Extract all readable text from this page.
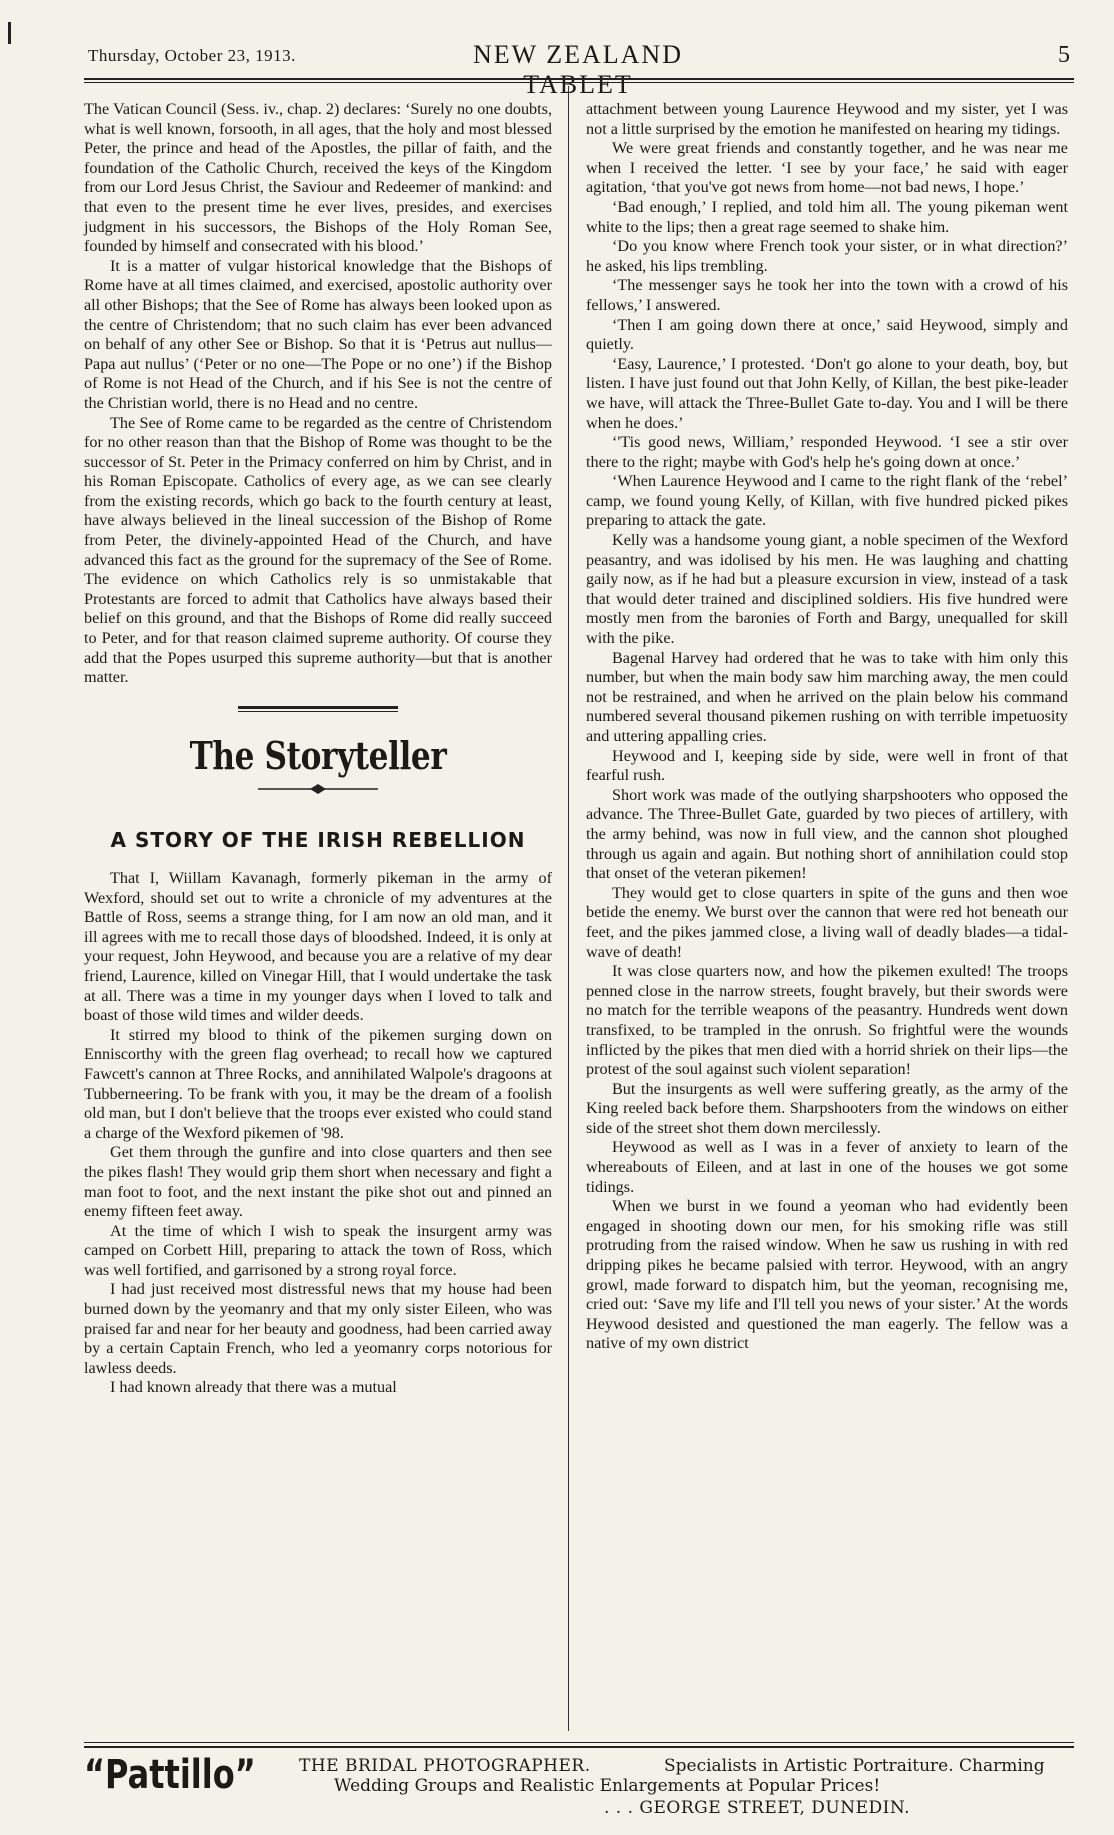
Thursday, October 23, 1913.	NEW ZEALAND TABLET
5

The Vatican Council (Sess. iv., chap. 2) declares: ‘Surely no one doubts, what is well known, forsooth, in all ages, that the holy and most blessed Peter, the prince and head of the Apostles, the pillar of faith, and the foundation of the Catholic Church, received the keys of the Kingdom from our Lord Jesus Christ, the Saviour and Redeemer of mankind: and that even to the present time he ever lives, presides, and exercises judgment in his successors, the Bishops of the Holy Roman See, founded by himself and consecrated with his blood.’

It is a matter of vulgar historical knowledge that the Bishops of Rome have at all times claimed, and exercised, apostolic authority over all other Bishops; that the See of Rome has always been looked upon as the centre of Christendom; that no such claim has ever been advanced on behalf of any other See or Bishop. So that it is ‘Petrus aut nullus—Papa aut nullus’ (‘Peter or no one—The Pope or no one’) if the Bishop of Rome is not Head of the Church, and if his See is not the centre of the Christian world, there is no Head and no centre.

The See of Rome came to be regarded as the centre of Christendom for no other reason than that the Bishop of Rome was thought to be the successor of St. Peter in the Primacy conferred on him by Christ, and in his Roman Episcopate. Catholics of every age, as we can see clearly from the existing records, which go back to the fourth century at least, have always believed in the lineal succession of the Bishop of Rome from Peter, the divinely-appointed Head of the Church, and have advanced this fact as the ground for the supremacy of the See of Rome. The evidence on which Catholics rely is so unmistakable that Protestants are forced to admit that Catholics have always based their belief on this ground, and that the Bishops of Rome did really succeed to Peter, and for that reason claimed supreme authority. Of course they add that the Popes usurped this supreme authority—but that is another matter.

The Storyteller
A STORY OF THE IRISH REBELLION

That I, Wiillam Kavanagh, formerly pikeman in the army of Wexford, should set out to write a chronicle of my adventures at the Battle of Ross, seems a strange thing, for I am now an old man, and it ill agrees with me to recall those days of bloodshed. Indeed, it is only at your request, John Heywood, and because you are a relative of my dear friend, Laurence, killed on Vinegar Hill, that I would undertake the task at all. There was a time in my younger days when I loved to talk and boast of those wild times and wilder deeds.

It stirred my blood to think of the pikemen surging down on Enniscorthy with the green flag overhead; to recall how we captured Fawcett's cannon at Three Rocks, and annihilated Walpole's dragoons at Tubberneering. To be frank with you, it may be the dream of a foolish old man, but I don't believe that the troops ever existed who could stand a charge of the Wexford pikemen of '98.

Get them through the gunfire and into close quarters and then see the pikes flash! They would grip them short when necessary and fight a man foot to foot, and the next instant the pike shot out and pinned an enemy fifteen feet away.

At the time of which I wish to speak the insurgent army was camped on Corbett Hill, preparing to attack the town of Ross, which was well fortified, and garrisoned by a strong royal force.

I had just received most distressful news that my house had been burned down by the yeomanry and that my only sister Eileen, who was praised far and near for her beauty and goodness, had been carried away by a certain Captain French, who led a yeomanry corps notorious for lawless deeds.

I had known already that there was a mutual

attachment between young Laurence Heywood and my sister, yet I was not a little surprised by the emotion he manifested on hearing my tidings.

We were great friends and constantly together, and he was near me when I received the letter. ‘I see by your face,’ he said with eager agitation, ‘that you've got news from home—not bad news, I hope.’

‘Bad enough,’ I replied, and told him all. The young pikeman went white to the lips; then a great rage seemed to shake him.

‘Do you know where French took your sister, or in what direction?’ he asked, his lips trembling.

‘The messenger says he took her into the town with a crowd of his fellows,’ I answered.

‘Then I am going down there at once,’ said Heywood, simply and quietly.

‘Easy, Laurence,’ I protested. ‘Don't go alone to your death, boy, but listen. I have just found out that John Kelly, of Killan, the best pike-leader we have, will attack the Three-Bullet Gate to-day. You and I will be there when he does.’

‘'Tis good news, William,’ responded Heywood. ‘I see a stir over there to the right; maybe with God's help he's going down at once.’

‘When Laurence Heywood and I came to the right flank of the ‘rebel’ camp, we found young Kelly, of Killan, with five hundred picked pikes preparing to attack the gate.

Kelly was a handsome young giant, a noble specimen of the Wexford peasantry, and was idolised by his men. He was laughing and chatting gaily now, as if he had but a pleasure excursion in view, instead of a task that would deter trained and disciplined soldiers. His five hundred were mostly men from the baronies of Forth and Bargy, unequalled for skill with the pike.

Bagenal Harvey had ordered that he was to take with him only this number, but when the main body saw him marching away, the men could not be restrained, and when he arrived on the plain below his command numbered several thousand pikemen rushing on with terrible impetuosity and uttering appalling cries.

Heywood and I, keeping side by side, were well in front of that fearful rush.

Short work was made of the outlying sharpshooters who opposed the advance. The Three-Bullet Gate, guarded by two pieces of artillery, with the army behind, was now in full view, and the cannon shot ploughed through us again and again. But nothing short of annihilation could stop that onset of the veteran pikemen!

They would get to close quarters in spite of the guns and then woe betide the enemy. We burst over the cannon that were red hot beneath our feet, and the pikes jammed close, a living wall of deadly blades—a tidal-wave of death!

It was close quarters now, and how the pikemen exulted! The troops penned close in the narrow streets, fought bravely, but their swords were no match for the terrible weapons of the peasantry. Hundreds went down transfixed, to be trampled in the onrush. So frightful were the wounds inflicted by the pikes that men died with a horrid shriek on their lips—the protest of the soul against such violent separation!

But the insurgents as well were suffering greatly, as the army of the King reeled back before them. Sharpshooters from the windows on either side of the street shot them down mercilessly.

Heywood as well as I was in a fever of anxiety to learn of the whereabouts of Eileen, and at last in one of the houses we got some tidings.

When we burst in we found a yeoman who had evidently been engaged in shooting down our men, for his smoking rifle was still protruding from the raised window. When he saw us rushing in with red dripping pikes he became palsied with terror. Heywood, with an angry growl, made forward to dispatch him, but the yeoman, recognising me, cried out: ‘Save my life and I'll tell you news of your sister.’ At the words Heywood desisted and questioned the man eagerly. The fellow was a native of my own district

“Pattillo”	THE BRIDAL PHOTOGRAPHER.	Specialists in Artistic Portraiture. Charming
Wedding Groups and Realistic Enlargements at Popular Prices!
. . . GEORGE STREET, DUNEDIN.
